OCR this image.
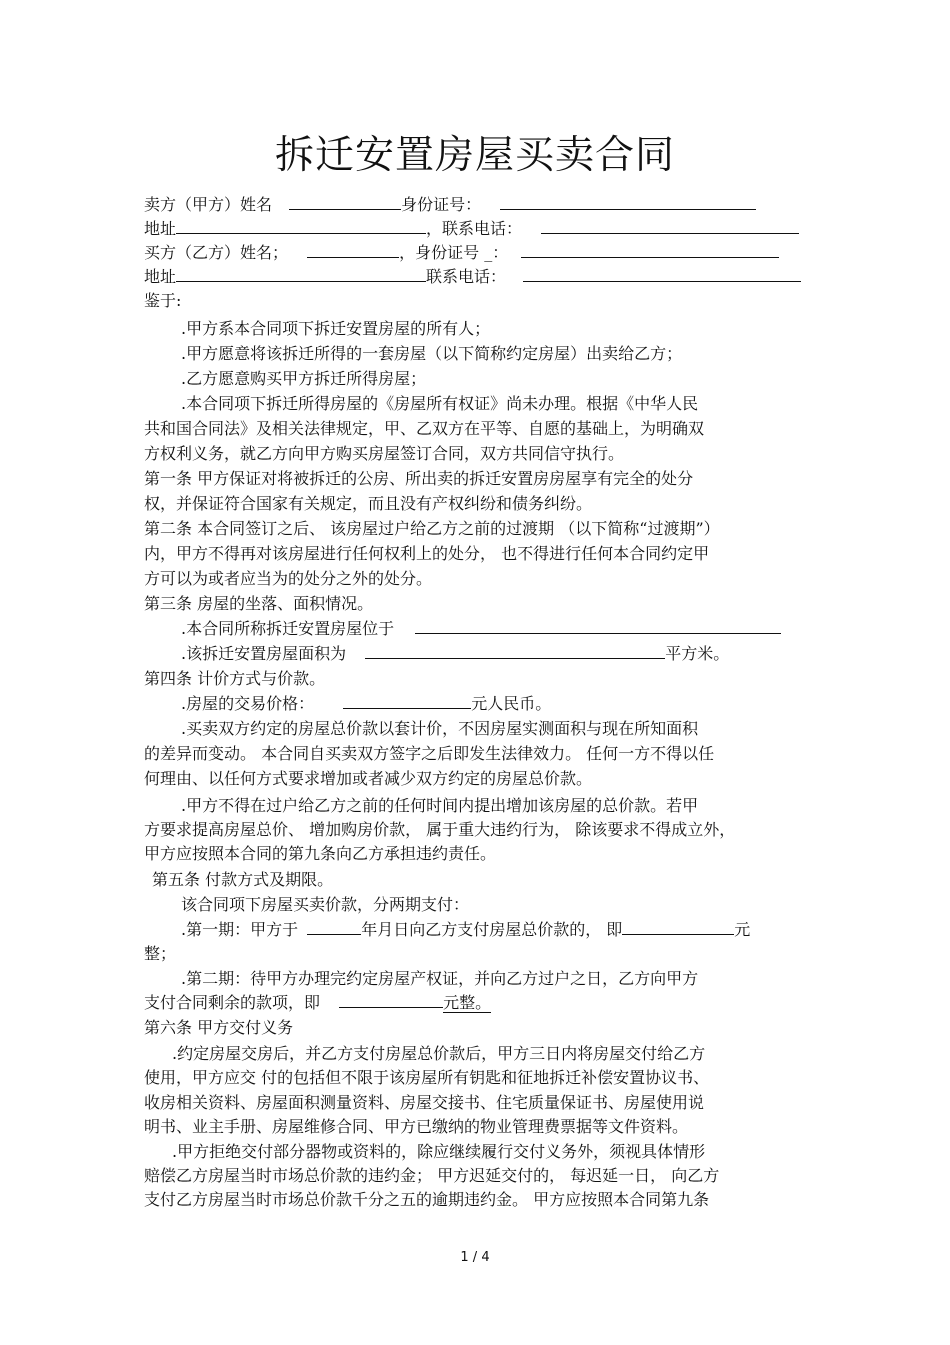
拆迁安置房屋买卖合同
卖方（甲方）姓名	身份证号：
地址	，联系电话：
买方（乙方）姓名；	，身份证号 _：
地址	联系电话：
鉴于:
.甲方系本合同项下拆迁安置房屋的所有人；
.甲方愿意将该拆迁所得的一套房屋（以下简称约定房屋）出卖给乙方；
.乙方愿意购买甲方拆迁所得房屋；
.本合同项下拆迁所得房屋的《房屋所有权证》尚未办理。根据《中华人民
共和国合同法》及相关法律规定，甲、乙双方在平等、自愿的基础上，为明确双
方权利义务，就乙方向甲方购买房屋签订合同，双方共同信守执行。
第一条 甲方保证对将被拆迁的公房、所出卖的拆迁安置房房屋享有完全的处分
权，并保证符合国家有关规定，而且没有产权纠纷和债务纠纷。
第二条 本合同签订之后、 该房屋过户给乙方之前的过渡期 （以下简称“过渡期”）
内，甲方不得再对该房屋进行任何权利上的处分， 也不得进行任何本合同约定甲
方可以为或者应当为的处分之外的处分。
第三条 房屋的坐落、面积情况。
.本合同所称拆迁安置房屋位于
.该拆迁安置房屋面积为	平方米。
第四条 计价方式与价款。
.房屋的交易价格：	元人民币。
.买卖双方约定的房屋总价款以套计价，不因房屋实测面积与现在所知面积
的差异而变动。 本合同自买卖双方签字之后即发生法律效力。 任何一方不得以任
何理由、以任何方式要求增加或者减少双方约定的房屋总价款。
.甲方不得在过户给乙方之前的任何时间内提出增加该房屋的总价款。若甲
方要求提高房屋总价、 增加购房价款， 属于重大违约行为， 除该要求不得成立外，
甲方应按照本合同的第九条向乙方承担违约责任。
第五条 付款方式及期限。
该合同项下房屋买卖价款，分两期支付：
.第一期：甲方于	年月日向乙方支付房屋总价款的， 即	元
整；
.第二期：待甲方办理完约定房屋产权证，并向乙方过户之日，乙方向甲方
支付合同剩余的款项，即	元整。
第六条 甲方交付义务
.约定房屋交房后，并乙方支付房屋总价款后，甲方三日内将房屋交付给乙方
使用，甲方应交 付的包括但不限于该房屋所有钥匙和征地拆迁补偿安置协议书、
收房相关资料、房屋面积测量资料、房屋交接书、住宅质量保证书、房屋使用说
明书、业主手册、房屋维修合同、甲方已缴纳的物业管理费票据等文件资料。
.甲方拒绝交付部分器物或资料的，除应继续履行交付义务外，须视具体情形
赔偿乙方房屋当时市场总价款的违约金； 甲方迟延交付的， 每迟延一日， 向乙方
支付乙方房屋当时市场总价款千分之五的逾期违约金。 甲方应按照本合同第九条
1 / 4
